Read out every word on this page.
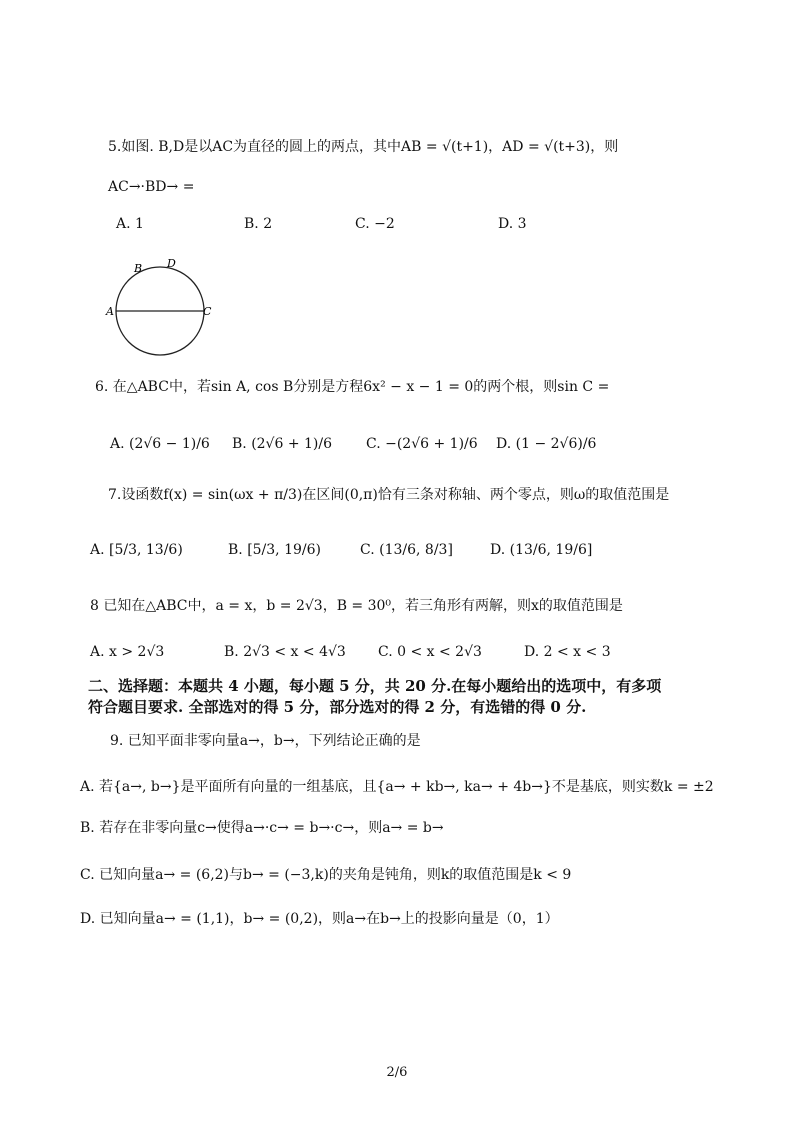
5.如图. B,D是以AC为直径的圆上的两点，其中AB = √(t+1)，AD = √(t+3)，则
AC→·BD→ =
A. 1	B. 2	C. −2	D. 3
B D
A	C
6. 在△ABC中，若sin A, cos B分别是方程6x² − x − 1 = 0的两个根，则sin C =
A. (2√6 − 1)/6 B. (2√6 + 1)/6 C. −(2√6 + 1)/6 D. (1 − 2√6)/6
7.设函数f(x) = sin(ωx + π/3)在区间(0,π)恰有三条对称轴、两个零点，则ω的取值范围是
A. [5/3, 13/6)	B. [5/3, 19/6)	C. (13/6, 8/3]	D. (13/6, 19/6]
8 已知在△ABC中，a = x，b = 2√3，B = 30⁰，若三角形有两解，则x的取值范围是
A. x > 2√3	B. 2√3 < x < 4√3 C. 0 < x < 2√3	D. 2 < x < 3
二、选择题：本题共 4 小题，每小题 5 分，共 20 分.在每小题给出的选项中，有多项
符合题目要求. 全部选对的得 5 分，部分选对的得 2 分，有选错的得 0 分.
9. 已知平面非零向量a→，b→，下列结论正确的是
A. 若{a→, b→}是平面所有向量的一组基底，且{a→ + kb→, ka→ + 4b→}不是基底，则实数k = ±2
B. 若存在非零向量c→使得a→·c→ = b→·c→，则a→ = b→
C. 已知向量a→ = (6,2)与b→ = (−3,k)的夹角是钝角，则k的取值范围是k < 9
D. 已知向量a→ = (1,1)，b→ = (0,2)，则a→在b→上的投影向量是（0，1）
2/6
